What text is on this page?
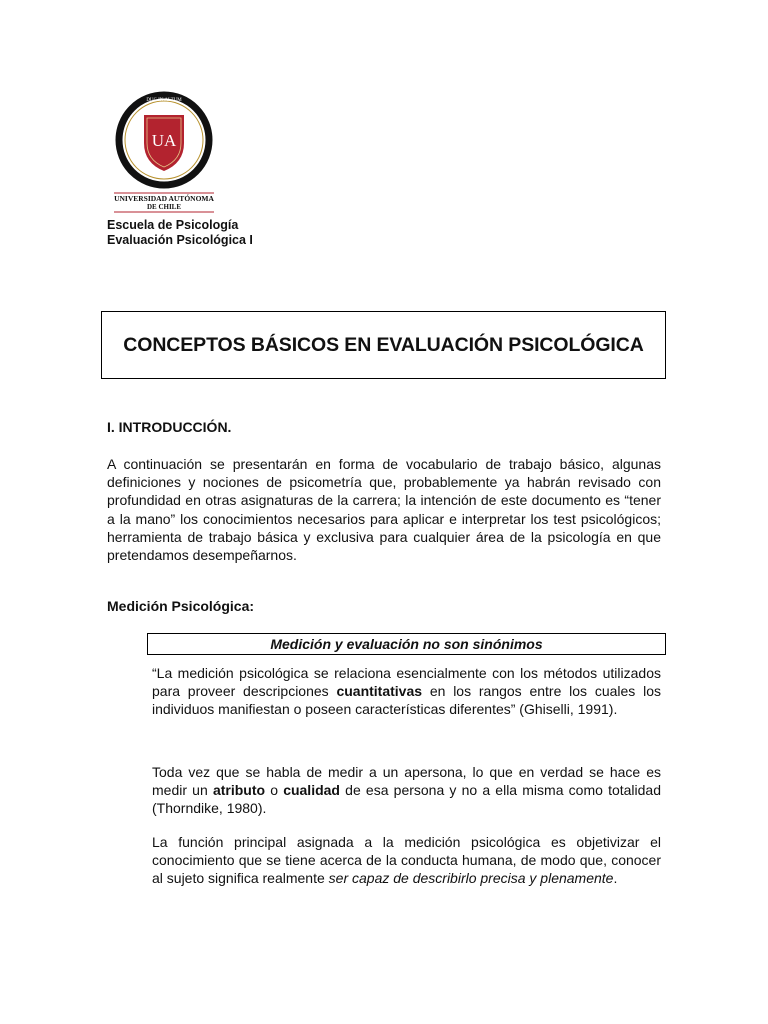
DUC IN ALTUM
UA
UNIVERSIDAD AUTÓNOMA
DE CHILE
Escuela de Psicología
Evaluación Psicológica I
CONCEPTOS BÁSICOS EN EVALUACIÓN PSICOLÓGICA

I. INTRODUCCIÓN.

A continuación se presentarán en forma de vocabulario de trabajo básico, algunas definiciones y nociones de psicometría que, probablemente ya habrán revisado con profundidad en otras asignaturas de la carrera; la intención de este documento es “tener a la mano” los conocimientos necesarios para aplicar e interpretar los test psicológicos; herramienta de trabajo básica y exclusiva para cualquier área de la psicología en que pretendamos desempeñarnos.

Medición Psicológica:

Medición y evaluación no son sinónimos

“La medición psicológica se relaciona esencialmente con los métodos utilizados para proveer descripciones cuantitativas en los rangos entre los cuales los individuos manifiestan o poseen características diferentes” (Ghiselli, 1991).

Toda vez que se habla de medir a un apersona, lo que en verdad se hace es medir un atributo o cualidad de esa persona y no a ella misma como totalidad (Thorndike, 1980).

La función principal asignada a la medición psicológica es objetivizar el conocimiento que se tiene acerca de la conducta humana, de modo que, conocer al sujeto significa realmente ser capaz de describirlo precisa y plenamente.
